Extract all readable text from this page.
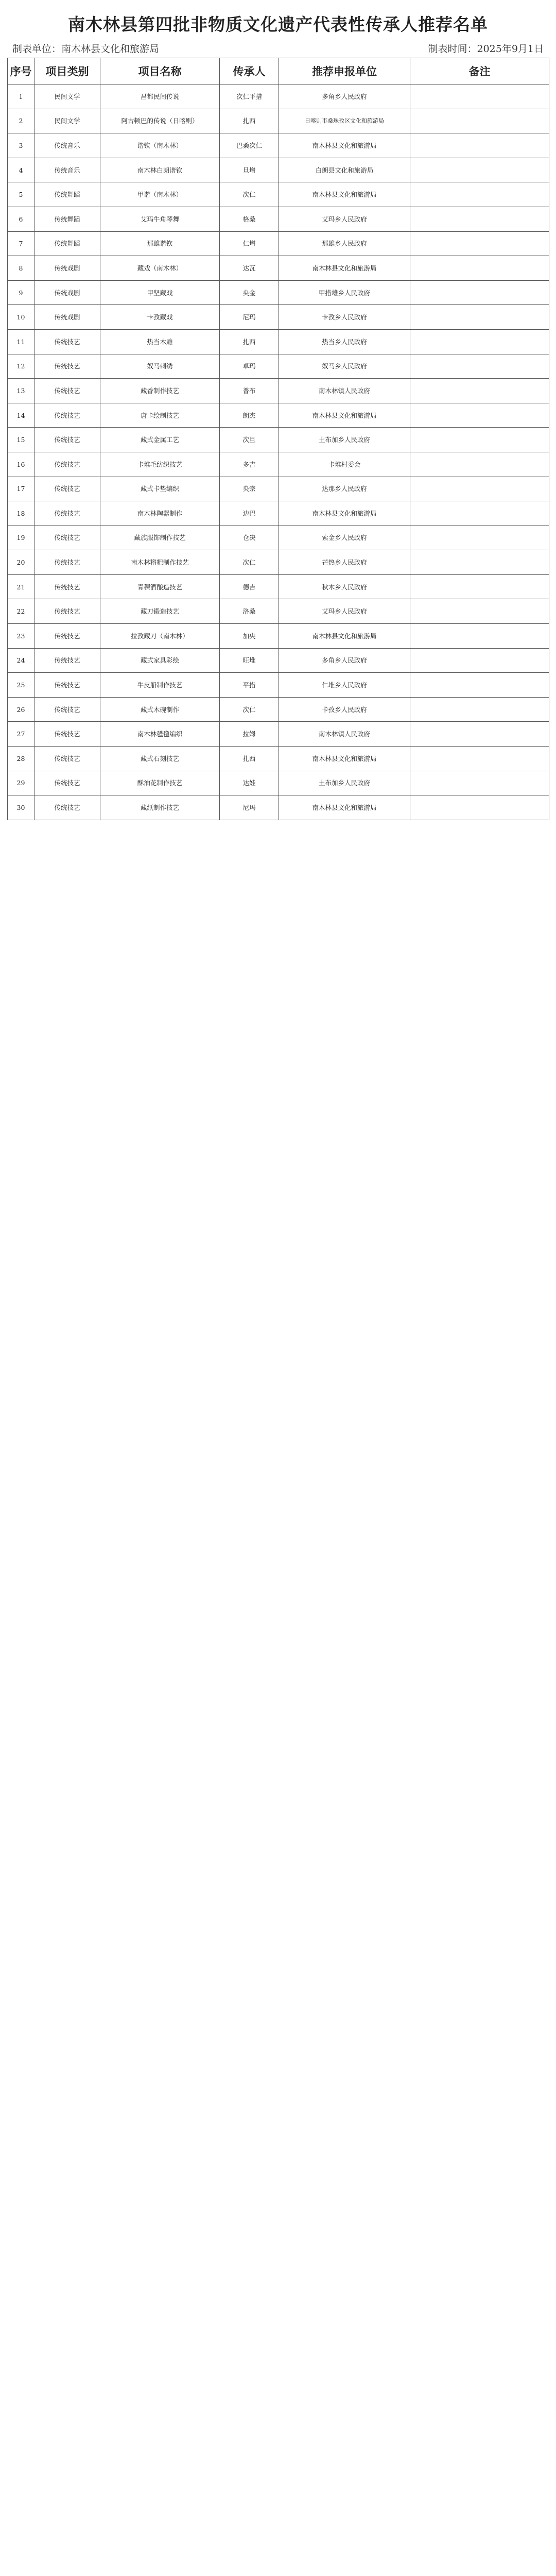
南木林县第四批非物质文化遗产代表性传承人推荐名单
制表单位：南木林县文化和旅游局	制表时间：2025年9月1日
序号	项目类别	项目名称	传承人	推荐申报单位	备注
1	民间文学	昌都民间传说	次仁平措	多角乡人民政府	
2	民间文学	阿古顿巴的传说（日喀则）	扎西	日喀则市桑珠孜区文化和旅游局	
3	传统音乐	谐钦（南木林）	巴桑次仁	南木林县文化和旅游局	
4	传统音乐	南木林白朗谐钦	旦增	白朗县文化和旅游局	
5	传统舞蹈	甲谐（南木林）	次仁	南木林县文化和旅游局	
6	传统舞蹈	艾玛牛角琴舞	格桑	艾玛乡人民政府	
7	传统舞蹈	那雄谐钦	仁增	那雄乡人民政府	
8	传统戏剧	藏戏（南木林）	达瓦	南木林县文化和旅游局	
9	传统戏剧	甲坚藏戏	央金	甲措雄乡人民政府	
10	传统戏剧	卡孜藏戏	尼玛	卡孜乡人民政府	
11	传统技艺	热当木雕	扎西	热当乡人民政府	
12	传统技艺	奴马刺绣	卓玛	奴马乡人民政府	
13	传统技艺	藏香制作技艺	普布	南木林镇人民政府	
14	传统技艺	唐卡绘制技艺	朗杰	南木林县文化和旅游局	
15	传统技艺	藏式金属工艺	次旦	土布加乡人民政府	
16	传统技艺	卡堆毛纺织技艺	多吉	卡堆村委会	
17	传统技艺	藏式卡垫编织	央宗	达那乡人民政府	
18	传统技艺	南木林陶器制作	边巴	南木林县文化和旅游局	
19	传统技艺	藏族服饰制作技艺	仓决	索金乡人民政府	
20	传统技艺	南木林糌粑制作技艺	次仁	芒热乡人民政府	
21	传统技艺	青稞酒酿造技艺	德吉	秋木乡人民政府	
22	传统技艺	藏刀锻造技艺	洛桑	艾玛乡人民政府	
23	传统技艺	拉孜藏刀（南木林）	加央	南木林县文化和旅游局	
24	传统技艺	藏式家具彩绘	旺堆	多角乡人民政府	
25	传统技艺	牛皮船制作技艺	平措	仁堆乡人民政府	
26	传统技艺	藏式木碗制作	次仁	卡孜乡人民政府	
27	传统技艺	南木林氆氇编织	拉姆	南木林镇人民政府	
28	传统技艺	藏式石刻技艺	扎西	南木林县文化和旅游局	
29	传统技艺	酥油花制作技艺	达娃	土布加乡人民政府	
30	传统技艺	藏纸制作技艺	尼玛	南木林县文化和旅游局	
